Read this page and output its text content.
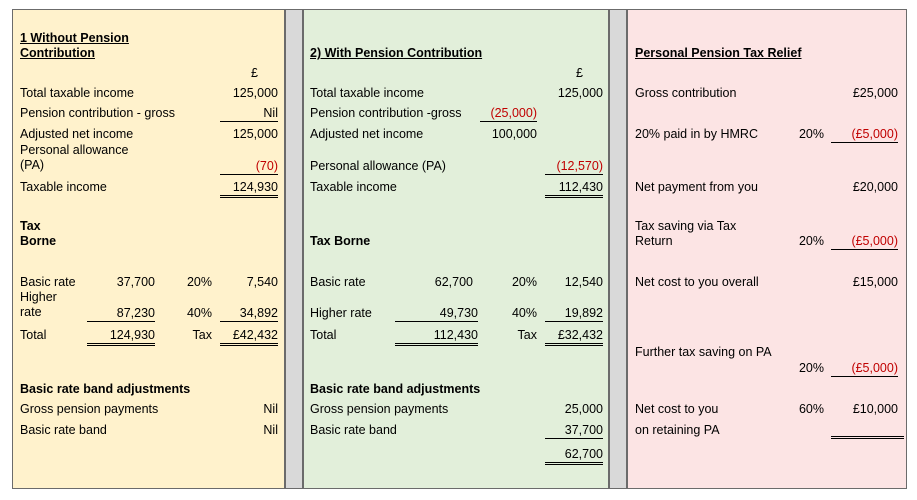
1 Without Pension Contribution
£
Total taxable income	125,000
Pension contribution - gross	Nil
Adjusted net income	125,000
Personal allowance (PA)	(70)
Taxable income	124,930
Tax Borne
Basic rate	37,700	20%	7,540
Higher rate	87,230	40%	34,892
Total	124,930	Tax	£42,432
Basic rate band adjustments
Gross pension payments	Nil
Basic rate band	Nil
2) With Pension Contribution
£
Total taxable income	125,000
Pension contribution -gross	(25,000)
Adjusted net income	100,000
Personal allowance (PA)	(12,570)
Taxable income	112,430
Tax Borne
Basic rate	62,700	20%	12,540
Higher rate	49,730	40%	19,892
Total	112,430	Tax	£32,432
Basic rate band adjustments
Gross pension payments	25,000
Basic rate band	37,700
62,700
Personal Pension Tax Relief
Gross contribution	£25,000
20% paid in by HMRC	20%	(£5,000)
Net payment from you	£20,000
Tax saving via Tax Return	20%	(£5,000)
Net cost to you overall	£15,000
Further tax saving on PA
20%	(£5,000)
Net cost to you	60%	£10,000
on retaining PA
